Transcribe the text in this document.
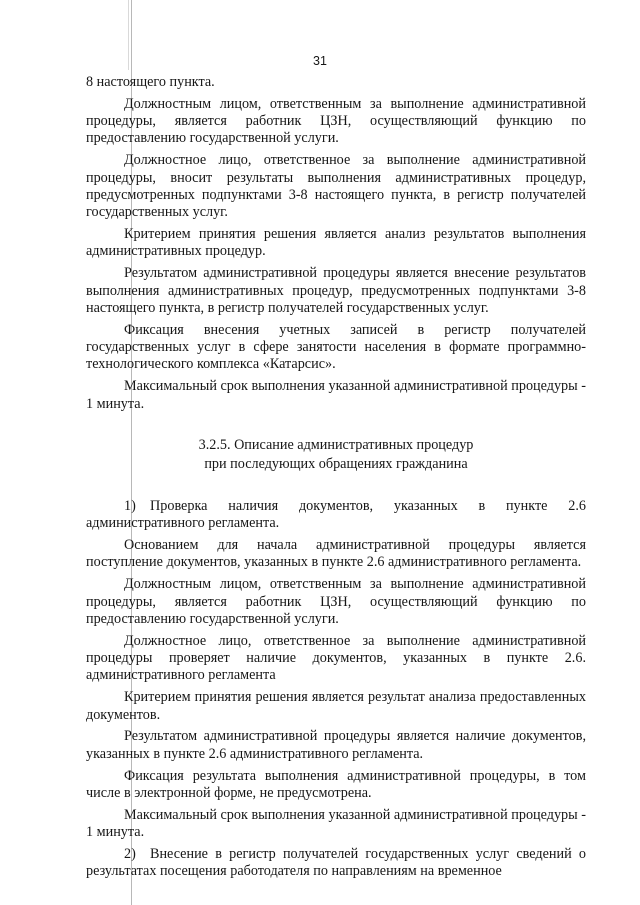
31

8 настоящего пункта.

Должностным лицом, ответственным за выполнение административной процедуры, является работник ЦЗН, осуществляющий функцию по предоставлению государственной услуги.

Должностное лицо, ответственное за выполнение административной процедуры, вносит результаты выполнения административных процедур, предусмотренных подпунктами 3-8 настоящего пункта, в регистр получателей государственных услуг.

Критерием принятия решения является анализ результатов выполнения административных процедур.

Результатом административной процедуры является внесение результатов выполнения административных процедур, предусмотренных подпунктами 3-8 настоящего пункта, в регистр получателей государственных услуг.

Фиксация внесения учетных записей в регистр получателей государственных услуг в сфере занятости населения в формате программно-технологического комплекса «Катарсис».

Максимальный срок выполнения указанной административной процедуры - 1 минута.

3.2.5. Описание административных процедур
при последующих обращениях гражданина

1) Проверка наличия документов, указанных в пункте 2.6 административного регламента.

Основанием для начала административной процедуры является поступление документов, указанных в пункте 2.6 административного регламента.

Должностным лицом, ответственным за выполнение административной процедуры, является работник ЦЗН, осуществляющий функцию по предоставлению государственной услуги.

Должностное лицо, ответственное за выполнение административной процедуры проверяет наличие документов, указанных в пункте 2.6. административного регламента

Критерием принятия решения является результат анализа предоставленных документов.

Результатом административной процедуры является наличие документов, указанных в пункте 2.6 административного регламента.

Фиксация результата выполнения административной процедуры, в том числе в электронной форме, не предусмотрена.

Максимальный срок выполнения указанной административной процедуры - 1 минута.

2) Внесение в регистр получателей государственных услуг сведений о результатах посещения работодателя по направлениям на временное
